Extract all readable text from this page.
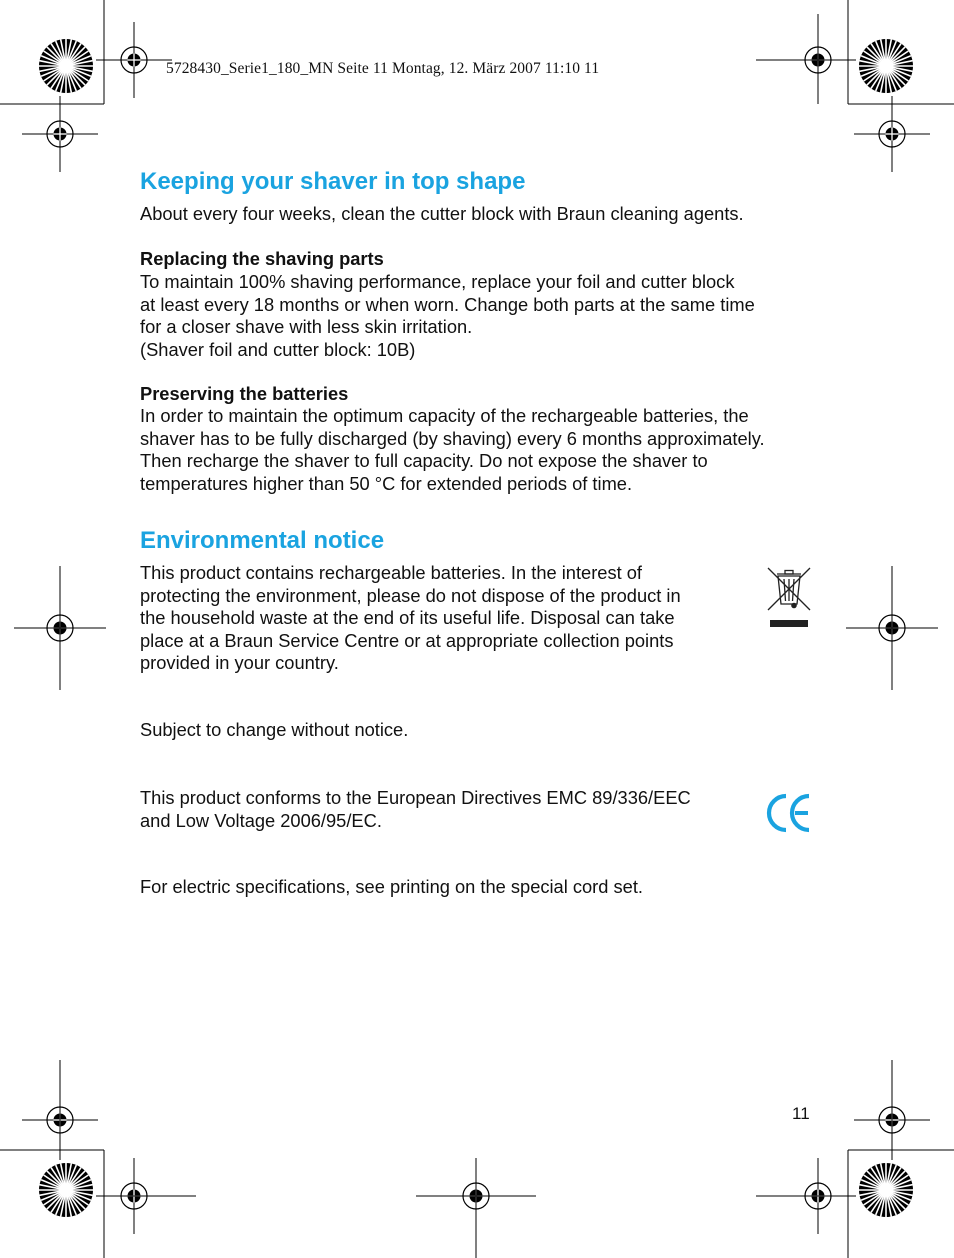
5728430_Serie1_180_MN Seite 11 Montag, 12. März 2007 11:10 11
Keeping your shaver in top shape

About every four weeks, clean the cutter block with Braun cleaning agents.

Replacing the shaving parts

To maintain 100% shaving performance, replace your foil and cutter block
at least every 18 months or when worn. Change both parts at the same time
for a closer shave with less skin irritation.
(Shaver foil and cutter block: 10B)

Preserving the batteries

In order to maintain the optimum capacity of the rechargeable batteries, the
shaver has to be fully discharged (by shaving) every 6 months approximately.
Then recharge the shaver to full capacity. Do not expose the shaver to
temperatures higher than 50 °C for extended periods of time.

Environmental notice

This product contains rechargeable batteries. In the interest of
protecting the environment, please do not dispose of the product in
the household waste at the end of its useful life. Disposal can take
place at a Braun Service Centre or at appropriate collection points
provided in your country.

Subject to change without notice.

This product conforms to the European Directives EMC 89/336/EEC
and Low Voltage 2006/95/EC.

For electric specifications, see printing on the special cord set.

11
